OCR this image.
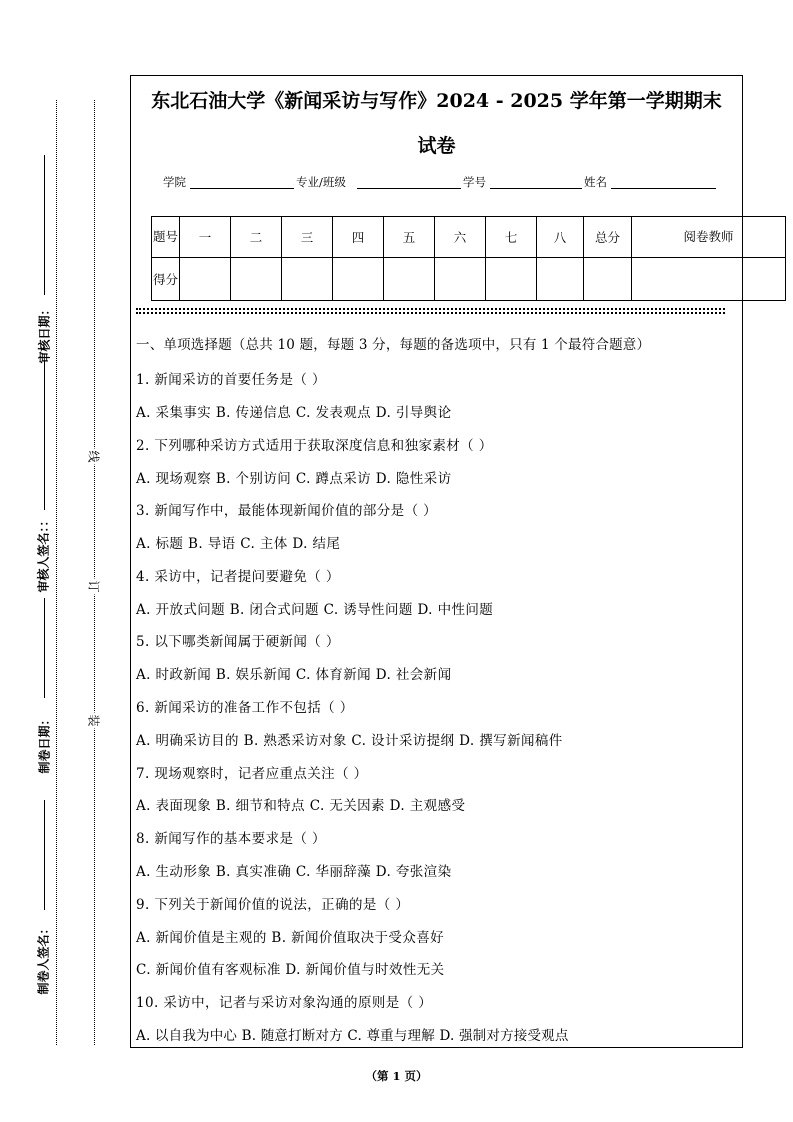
审核日期：
审核人签名：：
制卷日期：
制卷人签名：
线
订
装
东北石油大学《新闻采访与写作》2024 - 2025 学年第一学期期末
试卷
学院	专业/班级	学号	姓名
题号	一	二	三	四	五	六	七	八	总分	阅卷教师
得分										
一、单项选择题（总共 10 题，每题 3 分，每题的备选项中，只有 1 个最符合题意）
1. 新闻采访的首要任务是（ ）
A. 采集事实 B. 传递信息 C. 发表观点 D. 引导舆论
2. 下列哪种采访方式适用于获取深度信息和独家素材（ ）
A. 现场观察 B. 个别访问 C. 蹲点采访 D. 隐性采访
3. 新闻写作中，最能体现新闻价值的部分是（ ）
A. 标题 B. 导语 C. 主体 D. 结尾
4. 采访中，记者提问要避免（ ）
A. 开放式问题 B. 闭合式问题 C. 诱导性问题 D. 中性问题
5. 以下哪类新闻属于硬新闻（ ）
A. 时政新闻 B. 娱乐新闻 C. 体育新闻 D. 社会新闻
6. 新闻采访的准备工作不包括（ ）
A. 明确采访目的 B. 熟悉采访对象 C. 设计采访提纲 D. 撰写新闻稿件
7. 现场观察时，记者应重点关注（ ）
A. 表面现象 B. 细节和特点 C. 无关因素 D. 主观感受
8. 新闻写作的基本要求是（ ）
A. 生动形象 B. 真实准确 C. 华丽辞藻 D. 夸张渲染
9. 下列关于新闻价值的说法，正确的是（ ）
A. 新闻价值是主观的 B. 新闻价值取决于受众喜好
C. 新闻价值有客观标准 D. 新闻价值与时效性无关
10. 采访中，记者与采访对象沟通的原则是（ ）
A. 以自我为中心 B. 随意打断对方 C. 尊重与理解 D. 强制对方接受观点
（第 1 页）
